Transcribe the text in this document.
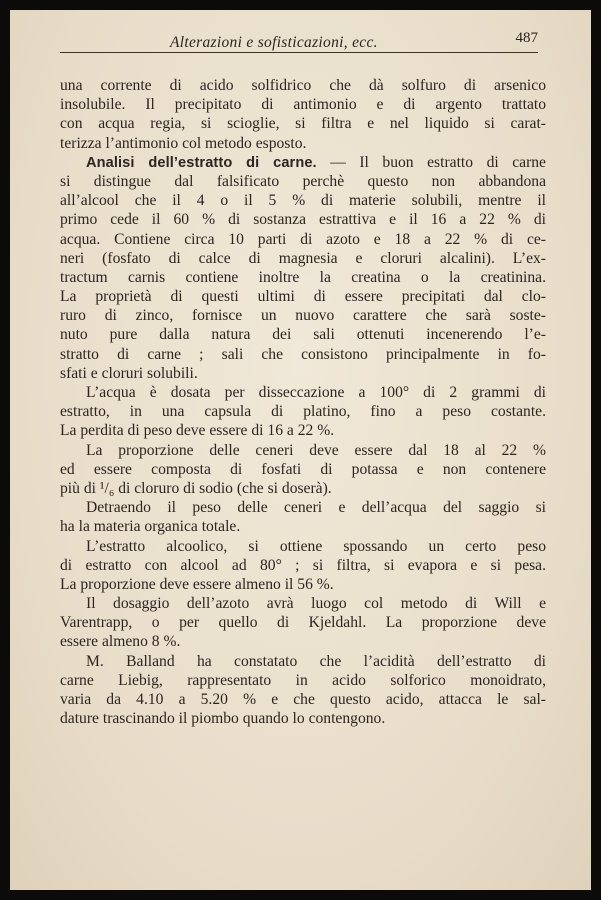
Alterazioni e sofisticazioni, ecc.	487
una corrente di acido solfidrico che dà solfuro di arsenico
insolubile. Il precipitato di antimonio e di argento trattato
con acqua regia, si scioglie, si filtra e nel liquido si carat-
terizza l’antimonio col metodo esposto.
Analisi dell’estratto di carne. — Il buon estratto di carne
si distingue dal falsificato perchè questo non abbandona
all’alcool che il 4 o il 5 % di materie solubili, mentre il
primo cede il 60 % di sostanza estrattiva e il 16 a 22 % di
acqua. Contiene circa 10 parti di azoto e 18 a 22 % di ce-
neri (fosfato di calce di magnesia e cloruri alcalini). L’ex-
tractum carnis contiene inoltre la creatina o la creatinina.
La proprietà di questi ultimi di essere precipitati dal clo-
ruro di zinco, fornisce un nuovo carattere che sarà soste-
nuto pure dalla natura dei sali ottenuti incenerendo l’e-
stratto di carne ; sali che consistono principalmente in fo-
sfati e cloruri solubili.
L’acqua è dosata per disseccazione a 100° di 2 grammi di
estratto, in una capsula di platino, fino a peso costante.
La perdita di peso deve essere di 16 a 22 %.
La proporzione delle ceneri deve essere dal 18 al 22 %
ed essere composta di fosfati di potassa e non contenere
più di ¹/₆ di cloruro di sodio (che si doserà).
Detraendo il peso delle ceneri e dell’acqua del saggio si
ha la materia organica totale.
L’estratto alcoolico, si ottiene spossando un certo peso
di estratto con alcool ad 80° ; si filtra, si evapora e si pesa.
La proporzione deve essere almeno il 56 %.
Il dosaggio dell’azoto avrà luogo col metodo di Will e
Varentrapp, o per quello di Kjeldahl. La proporzione deve
essere almeno 8 %.
M. Balland ha constatato che l’acidità dell’estratto di
carne Liebig, rappresentato in acido solforico monoidrato,
varia da 4.10 a 5.20 % e che questo acido, attacca le sal-
dature trascinando il piombo quando lo contengono.
